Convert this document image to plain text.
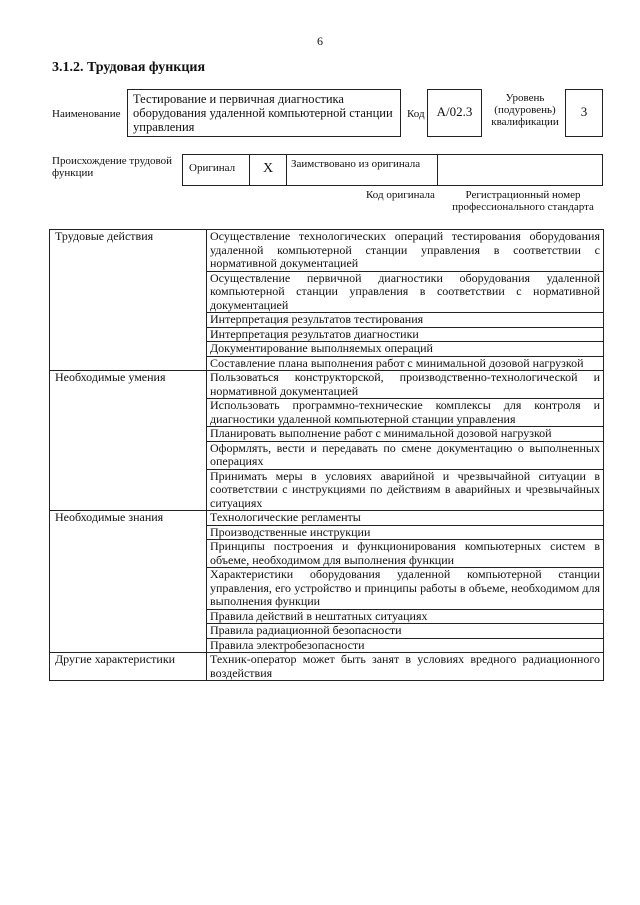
6
3.1.2. Трудовая функция
Наименование
Тестирование и первичная диагностика оборудования удаленной компьютерной станции управления
Код A/02.3
Уровень (подуровень) квалификации
3
Происхождение трудовой функции	Оригинал	X	Заимствовано из оригинала
Код оригинала	Регистрационный номер профессионального стандарта
Трудовые действия	Осуществление технологических операций тестирования оборудования удаленной компьютерной станции управления в соответствии с нормативной документацией
	Осуществление первичной диагностики оборудования удаленной компьютерной станции управления в соответствии с нормативной документацией
	Интерпретация результатов тестирования
	Интерпретация результатов диагностики
	Документирование выполняемых операций
	Составление плана выполнения работ с минимальной дозовой нагрузкой
Необходимые умения	Пользоваться конструкторской, производственно-технологической и нормативной документацией
	Использовать программно-технические комплексы для контроля и диагностики удаленной компьютерной станции управления
	Планировать выполнение работ с минимальной дозовой нагрузкой
	Оформлять, вести и передавать по смене документацию о выполненных операциях
	Принимать меры в условиях аварийной и чрезвычайной ситуации в соответствии с инструкциями по действиям в аварийных и чрезвычайных ситуациях
Необходимые знания	Технологические регламенты
	Производственные инструкции
	Принципы построения и функционирования компьютерных систем в объеме, необходимом для выполнения функции
	Характеристики оборудования удаленной компьютерной станции управления, его устройство и принципы работы в объеме, необходимом для выполнения функции
	Правила действий в нештатных ситуациях
	Правила радиационной безопасности
	Правила электробезопасности
Другие характеристики	Техник-оператор может быть занят в условиях вредного радиационного воздействия
